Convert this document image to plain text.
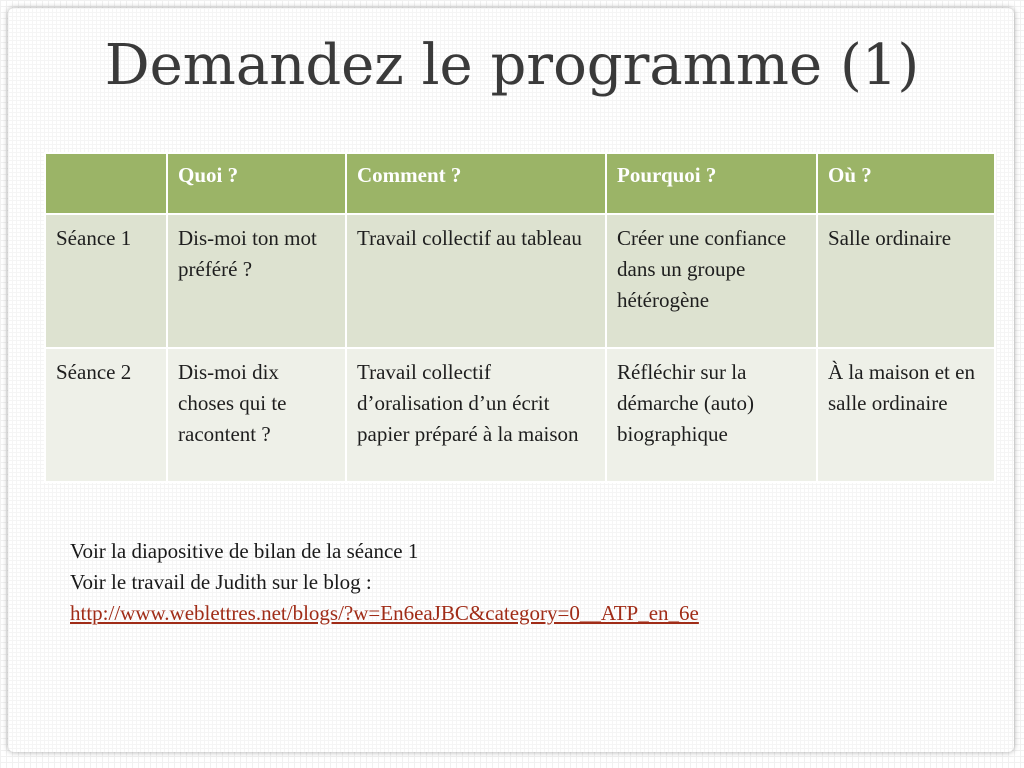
Demandez le programme (1)
	Quoi ?	Comment ?	Pourquoi ?	Où ?
Séance 1	Dis-moi ton mot préféré ?	Travail collectif au tableau	Créer une confiance dans un groupe hétérogène	Salle ordinaire
Séance 2	Dis-moi dix choses qui te racontent ?	Travail collectif d’oralisation d’un écrit papier préparé à la maison	Réfléchir sur la démarche (auto) biographique	À la maison et en salle ordinaire
Voir la diapositive de bilan de la séance 1
Voir le travail de Judith sur le blog :
http://www.weblettres.net/blogs/?w=En6eaJBC&category=0__ATP_en_6e
